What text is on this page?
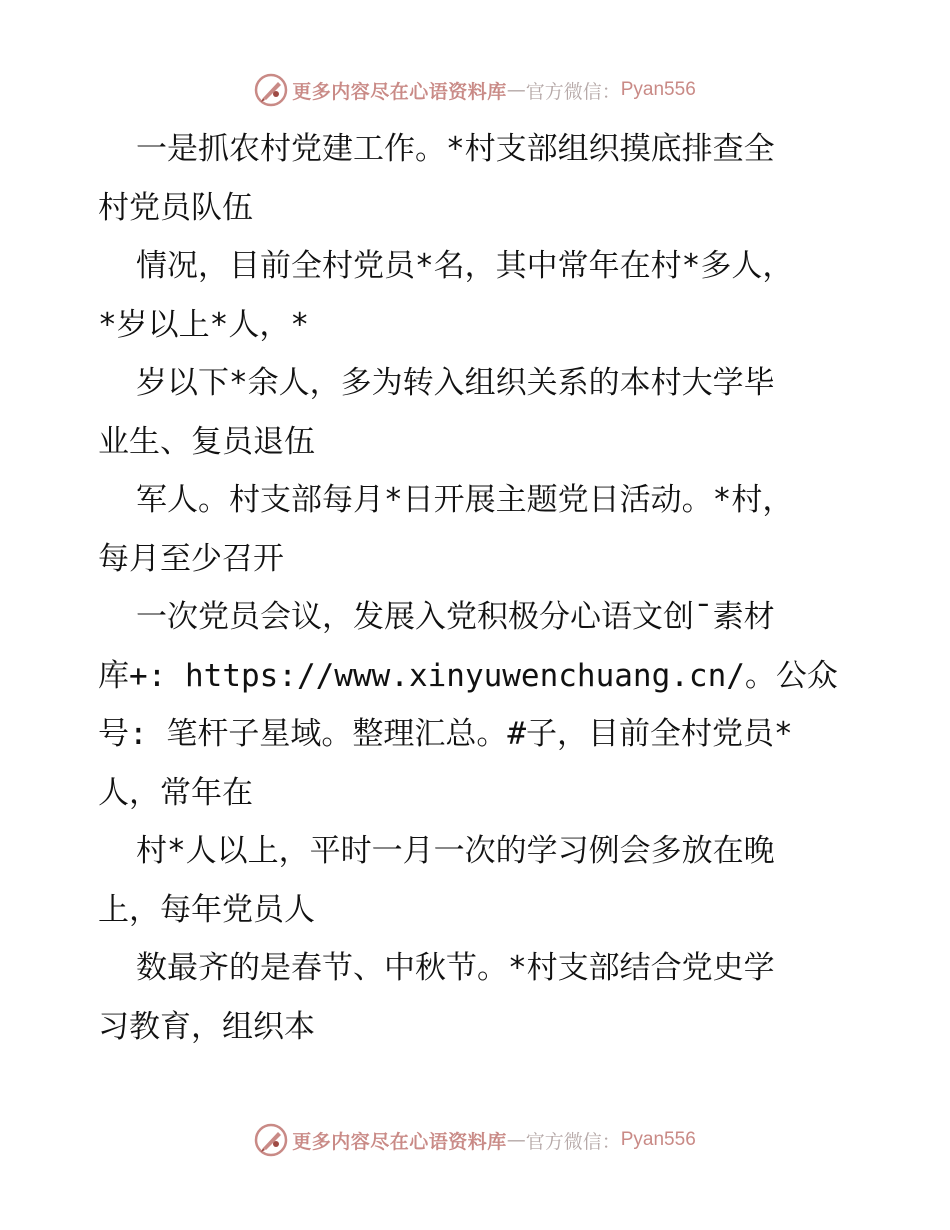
更多内容尽在心语资料库 — 官方微信： Pyan556
一是抓农村党建工作。*村支部组织摸底排查全
村党员队伍
情况，目前全村党员*名，其中常年在村*多人，
*岁以上*人，*
岁以下*余人，多为转入组织关系的本村大学毕
业生、复员退伍
军人。村支部每月*日开展主题党日活动。*村，
每月至少召开
一次党员会议，发展入党积极分心语文创¯素材
库+: https://www.xinyuwenchuang.cn/。公众
号: 笔杆子星域。整理汇总。#子，目前全村党员*
人，常年在
村*人以上，平时一月一次的学习例会多放在晚
上，每年党员人
数最齐的是春节、中秋节。*村支部结合党史学
习教育，组织本
更多内容尽在心语资料库 — 官方微信： Pyan556
